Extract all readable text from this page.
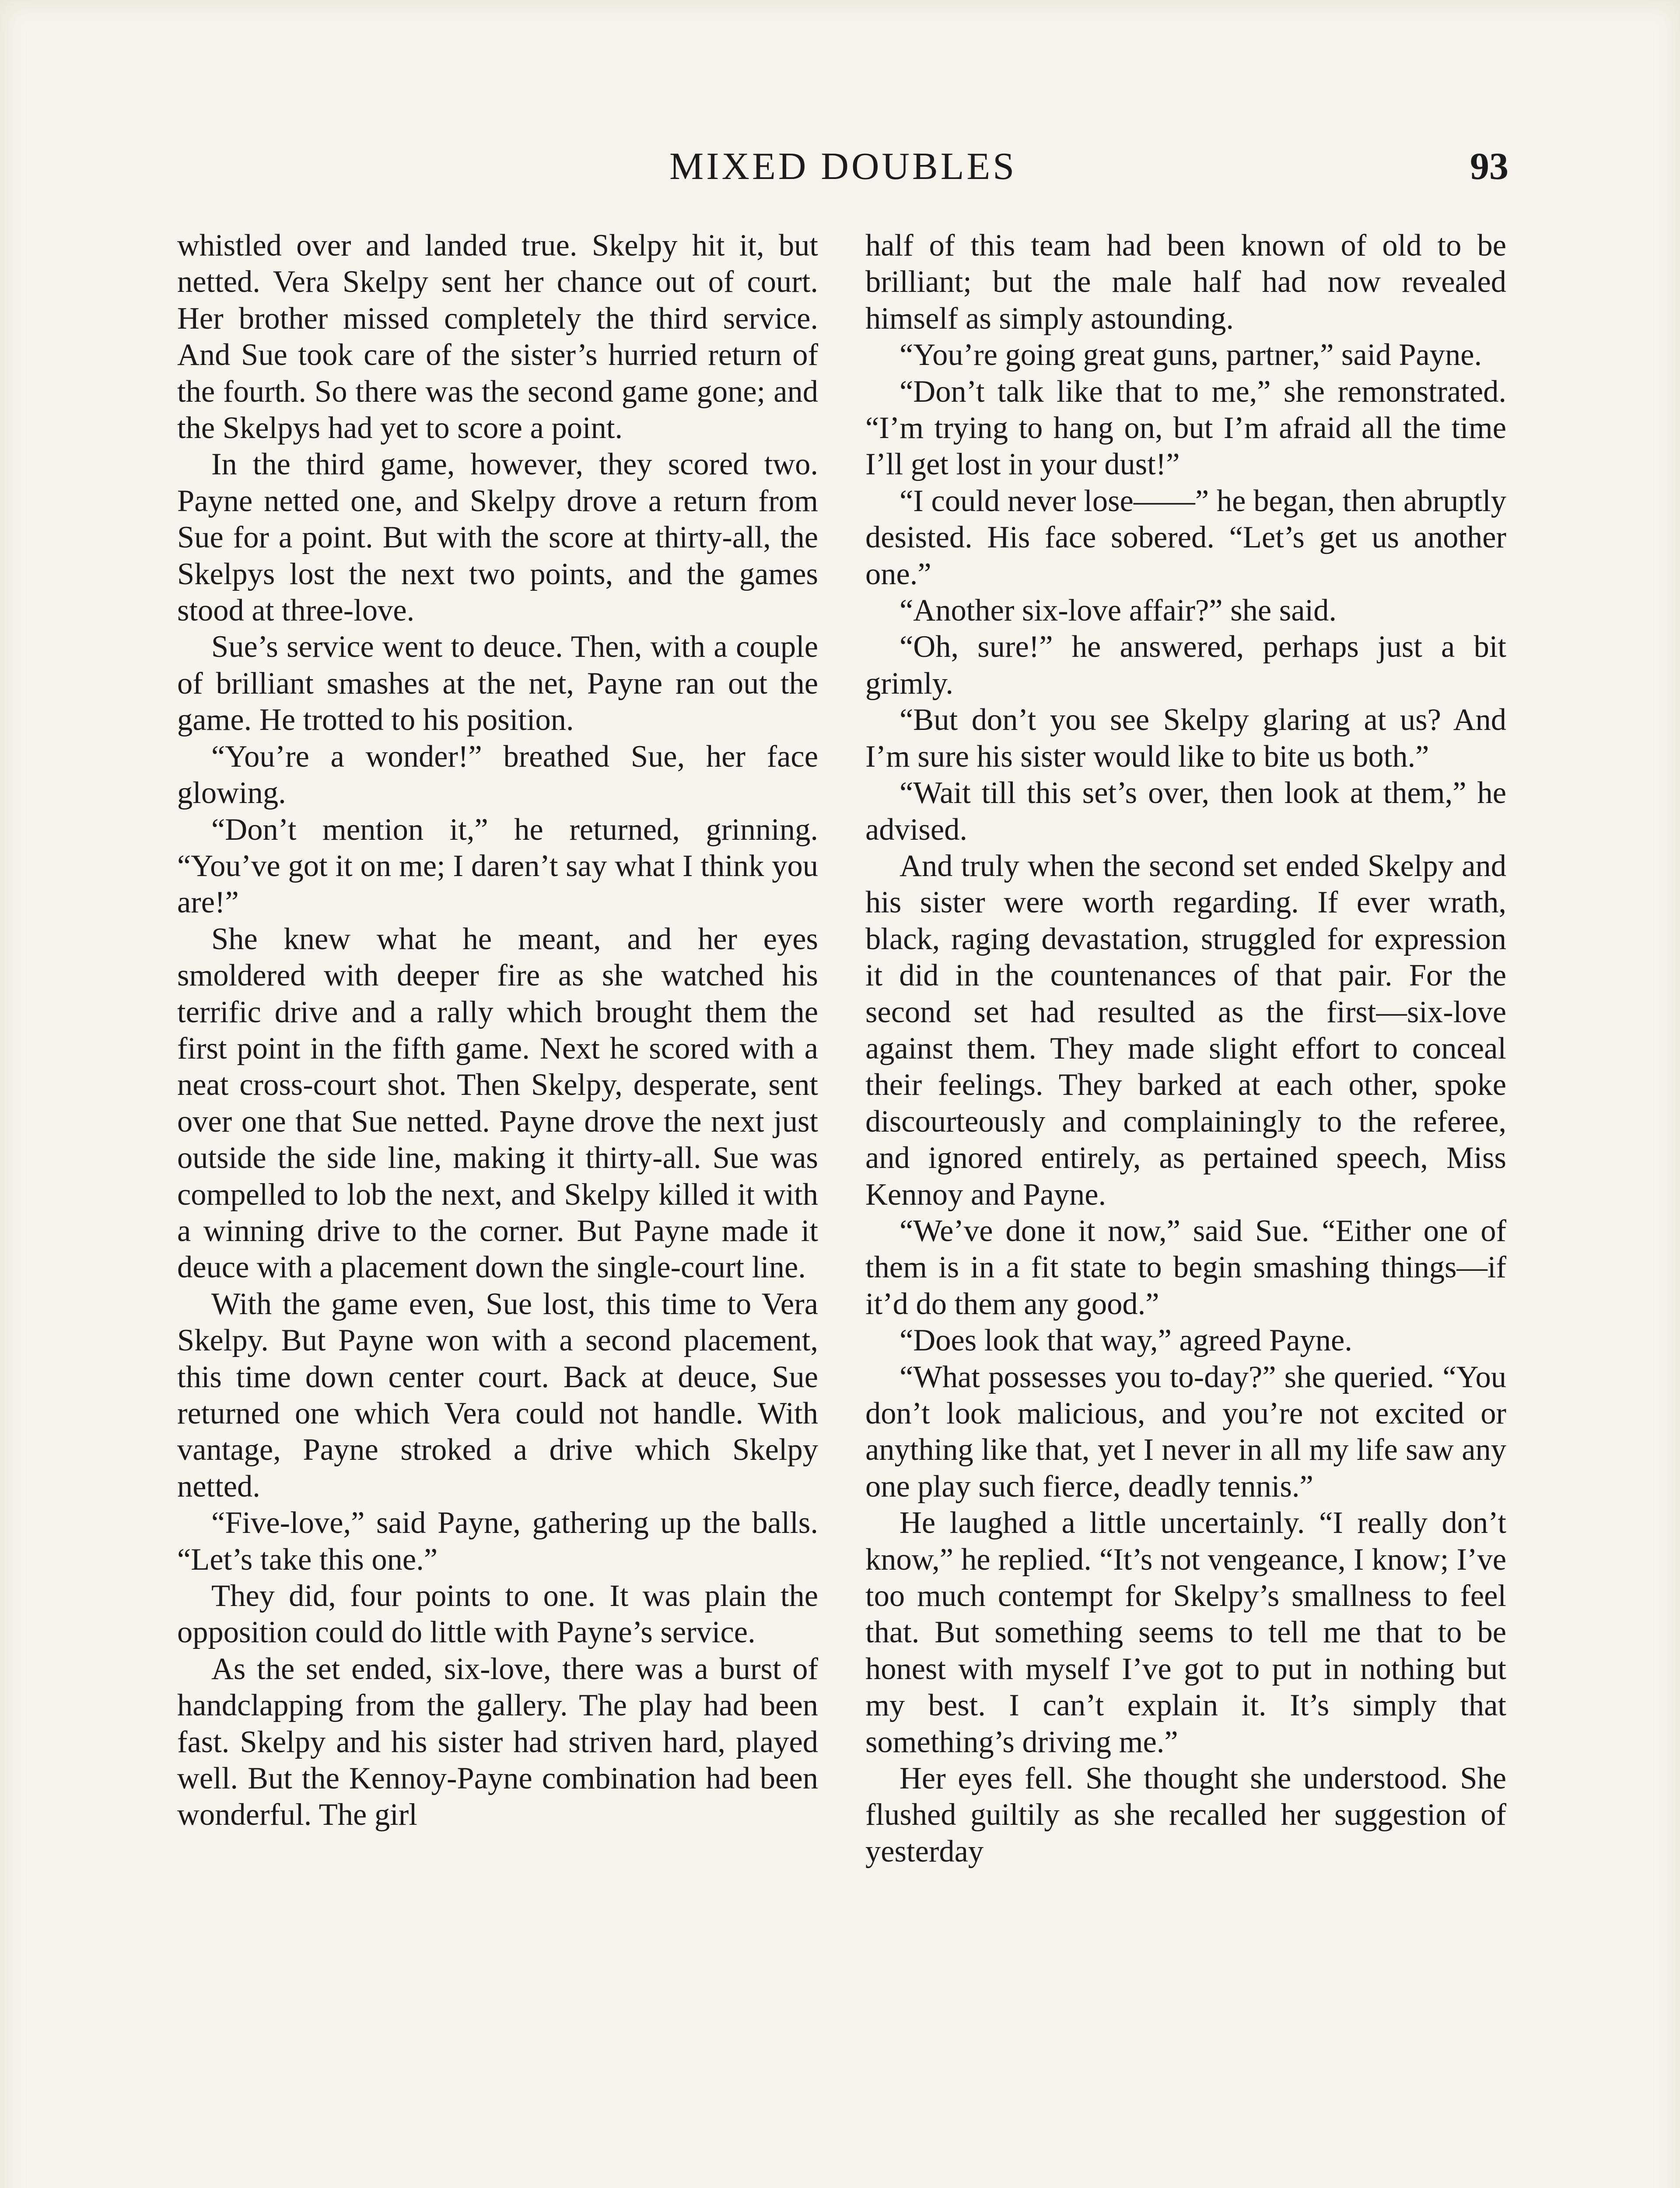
MIXED DOUBLES	93

whistled over and landed true. Skelpy hit it, but netted. Vera Skelpy sent her chance out of court. Her brother missed completely the third service. And Sue took care of the sister’s hurried return of the fourth. So there was the second game gone; and the Skelpys had yet to score a point.

In the third game, however, they scored two. Payne netted one, and Skelpy drove a return from Sue for a point. But with the score at thirty-all, the Skelpys lost the next two points, and the games stood at three-love.

Sue’s service went to deuce. Then, with a couple of brilliant smashes at the net, Payne ran out the game. He trotted to his position.

“You’re a wonder!” breathed Sue, her face glowing.

“Don’t mention it,” he returned, grinning. “You’ve got it on me; I daren’t say what I think you are!”

She knew what he meant, and her eyes smoldered with deeper fire as she watched his terrific drive and a rally which brought them the first point in the fifth game. Next he scored with a neat cross-court shot. Then Skelpy, desperate, sent over one that Sue netted. Payne drove the next just outside the side line, making it thirty-all. Sue was compelled to lob the next, and Skelpy killed it with a winning drive to the corner. But Payne made it deuce with a placement down the single-court line.

With the game even, Sue lost, this time to Vera Skelpy. But Payne won with a second placement, this time down center court. Back at deuce, Sue returned one which Vera could not handle. With vantage, Payne stroked a drive which Skelpy netted.

“Five-love,” said Payne, gathering up the balls. “Let’s take this one.”

They did, four points to one. It was plain the opposition could do little with Payne’s service.

As the set ended, six-love, there was a burst of handclapping from the gallery. The play had been fast. Skelpy and his sister had striven hard, played well. But the Kennoy-Payne combination had been wonderful. The girl

half of this team had been known of old to be brilliant; but the male half had now revealed himself as simply astounding.

“You’re going great guns, partner,” said Payne.

“Don’t talk like that to me,” she remonstrated. “I’m trying to hang on, but I’m afraid all the time I’ll get lost in your dust!”

“I could never lose——” he began, then abruptly desisted. His face sobered. “Let’s get us another one.”

“Another six-love affair?” she said.

“Oh, sure!” he answered, perhaps just a bit grimly.

“But don’t you see Skelpy glaring at us? And I’m sure his sister would like to bite us both.”

“Wait till this set’s over, then look at them,” he advised.

And truly when the second set ended Skelpy and his sister were worth regarding. If ever wrath, black, raging devastation, struggled for expression it did in the countenances of that pair. For the second set had resulted as the first—six-love against them. They made slight effort to conceal their feelings. They barked at each other, spoke discourteously and complainingly to the referee, and ignored entirely, as pertained speech, Miss Kennoy and Payne.

“We’ve done it now,” said Sue. “Either one of them is in a fit state to begin smashing things—if it’d do them any good.”

“Does look that way,” agreed Payne.

“What possesses you to-day?” she queried. “You don’t look malicious, and you’re not excited or anything like that, yet I never in all my life saw any one play such fierce, deadly tennis.”

He laughed a little uncertainly. “I really don’t know,” he replied. “It’s not vengeance, I know; I’ve too much contempt for Skelpy’s smallness to feel that. But something seems to tell me that to be honest with myself I’ve got to put in nothing but my best. I can’t explain it. It’s simply that something’s driving me.”

Her eyes fell. She thought she understood. She flushed guiltily as she recalled her suggestion of yesterday
